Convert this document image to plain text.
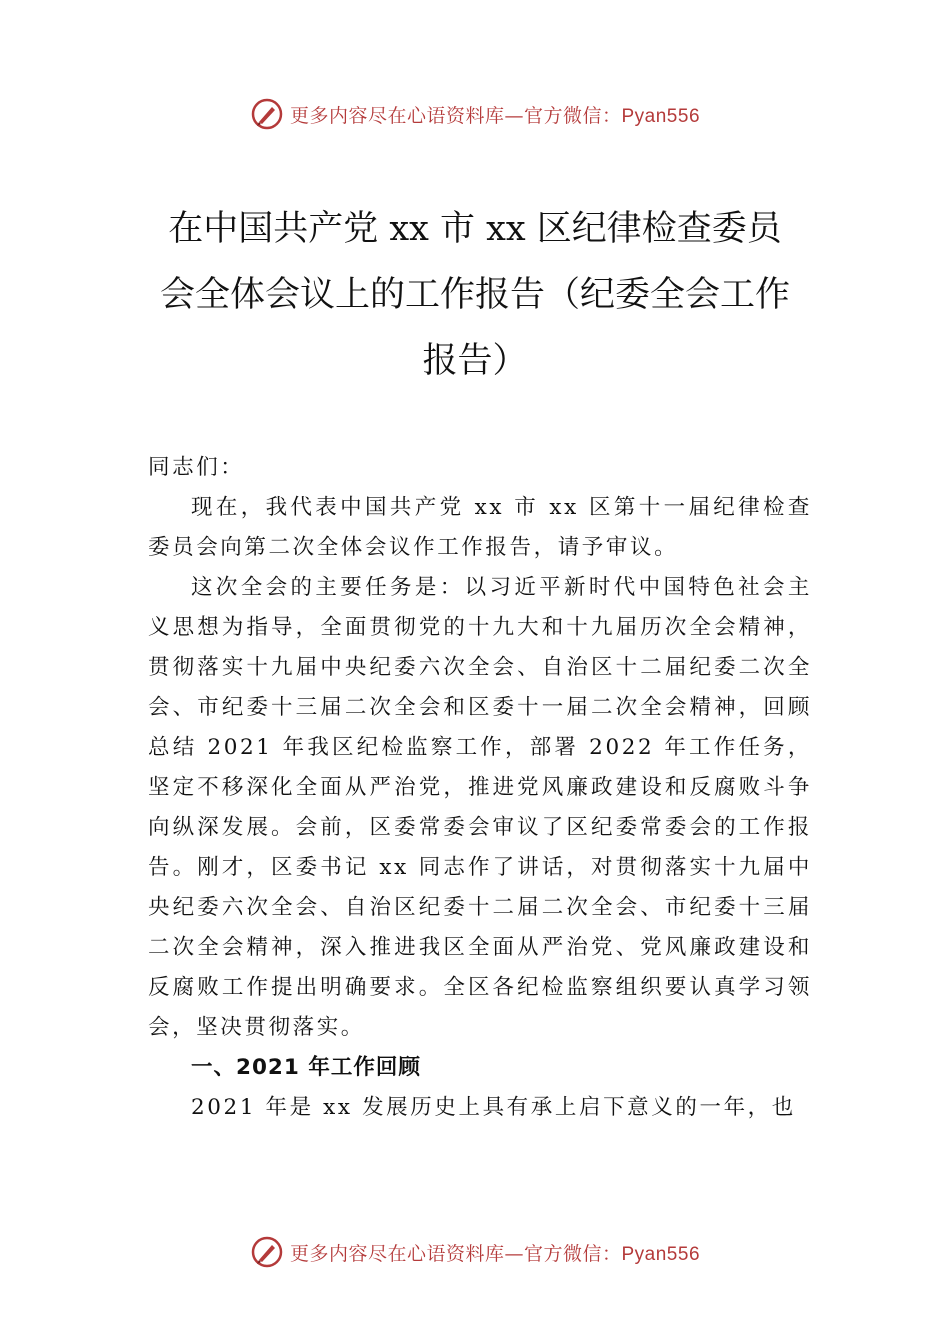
更多内容尽在心语资料库—官方微信：Pyan556
在中国共产党 xx 市 xx 区纪律检查委员
会全体会议上的工作报告（纪委全会工作
报告）

同志们：

现在，我代表中国共产党 xx 市 xx 区第十一届纪律检查委员会向第二次全体会议作工作报告，请予审议。

这次全会的主要任务是：以习近平新时代中国特色社会主义思想为指导，全面贯彻党的十九大和十九届历次全会精神，贯彻落实十九届中央纪委六次全会、自治区十二届纪委二次全会、市纪委十三届二次全会和区委十一届二次全会精神，回顾总结 2021 年我区纪检监察工作，部署 2022 年工作任务，坚定不移深化全面从严治党，推进党风廉政建设和反腐败斗争向纵深发展。会前，区委常委会审议了区纪委常委会的工作报告。刚才，区委书记 xx 同志作了讲话，对贯彻落实十九届中央纪委六次全会、自治区纪委十二届二次全会、市纪委十三届二次全会精神，深入推进我区全面从严治党、党风廉政建设和反腐败工作提出明确要求。全区各纪检监察组织要认真学习领会，坚决贯彻落实。

一、2021 年工作回顾

2021 年是 xx 发展历史上具有承上启下意义的一年，也

更多内容尽在心语资料库—官方微信：Pyan556
